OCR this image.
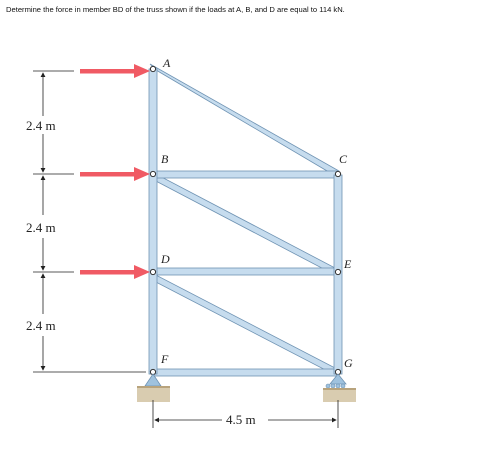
Determine the force in member BD of the truss shown if the loads at A, B, and D are equal to 114 kN.
2.4 m
2.4 m
2.4 m
4.5 m
A
B	C
D	E
F	G
